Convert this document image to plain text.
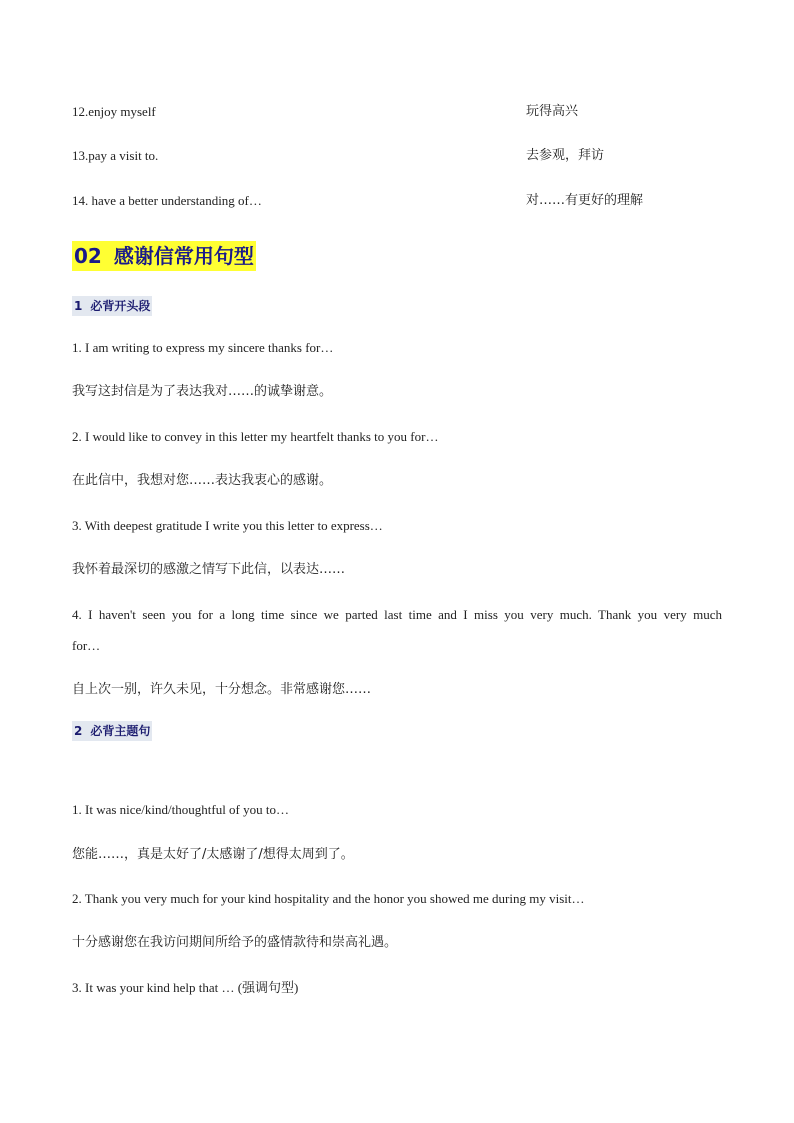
12.enjoy myself	玩得高兴
13.pay a visit to.	去参观，拜访
14. have a better understanding of…	对……有更好的理解
02 感谢信常用句型
1 必背开头段
1. I am writing to express my sincere thanks for…
我写这封信是为了表达我对……的诚挚谢意。
2. I would like to convey in this letter my heartfelt thanks to you for…
在此信中，我想对您……表达我衷心的感谢。
3. With deepest gratitude I write you this letter to express…
我怀着最深切的感激之情写下此信，以表达……
4. I haven't seen you for a long time since we parted last time and I miss you very much. Thank you very much
for…
自上次一别，许久未见，十分想念。非常感谢您……
2 必背主题句
1. It was nice/kind/thoughtful of you to…
您能……，真是太好了/太感谢了/想得太周到了。
2. Thank you very much for your kind hospitality and the honor you showed me during my visit…
十分感谢您在我访问期间所给予的盛情款待和崇高礼遇。
3. It was your kind help that … (强调句型)
